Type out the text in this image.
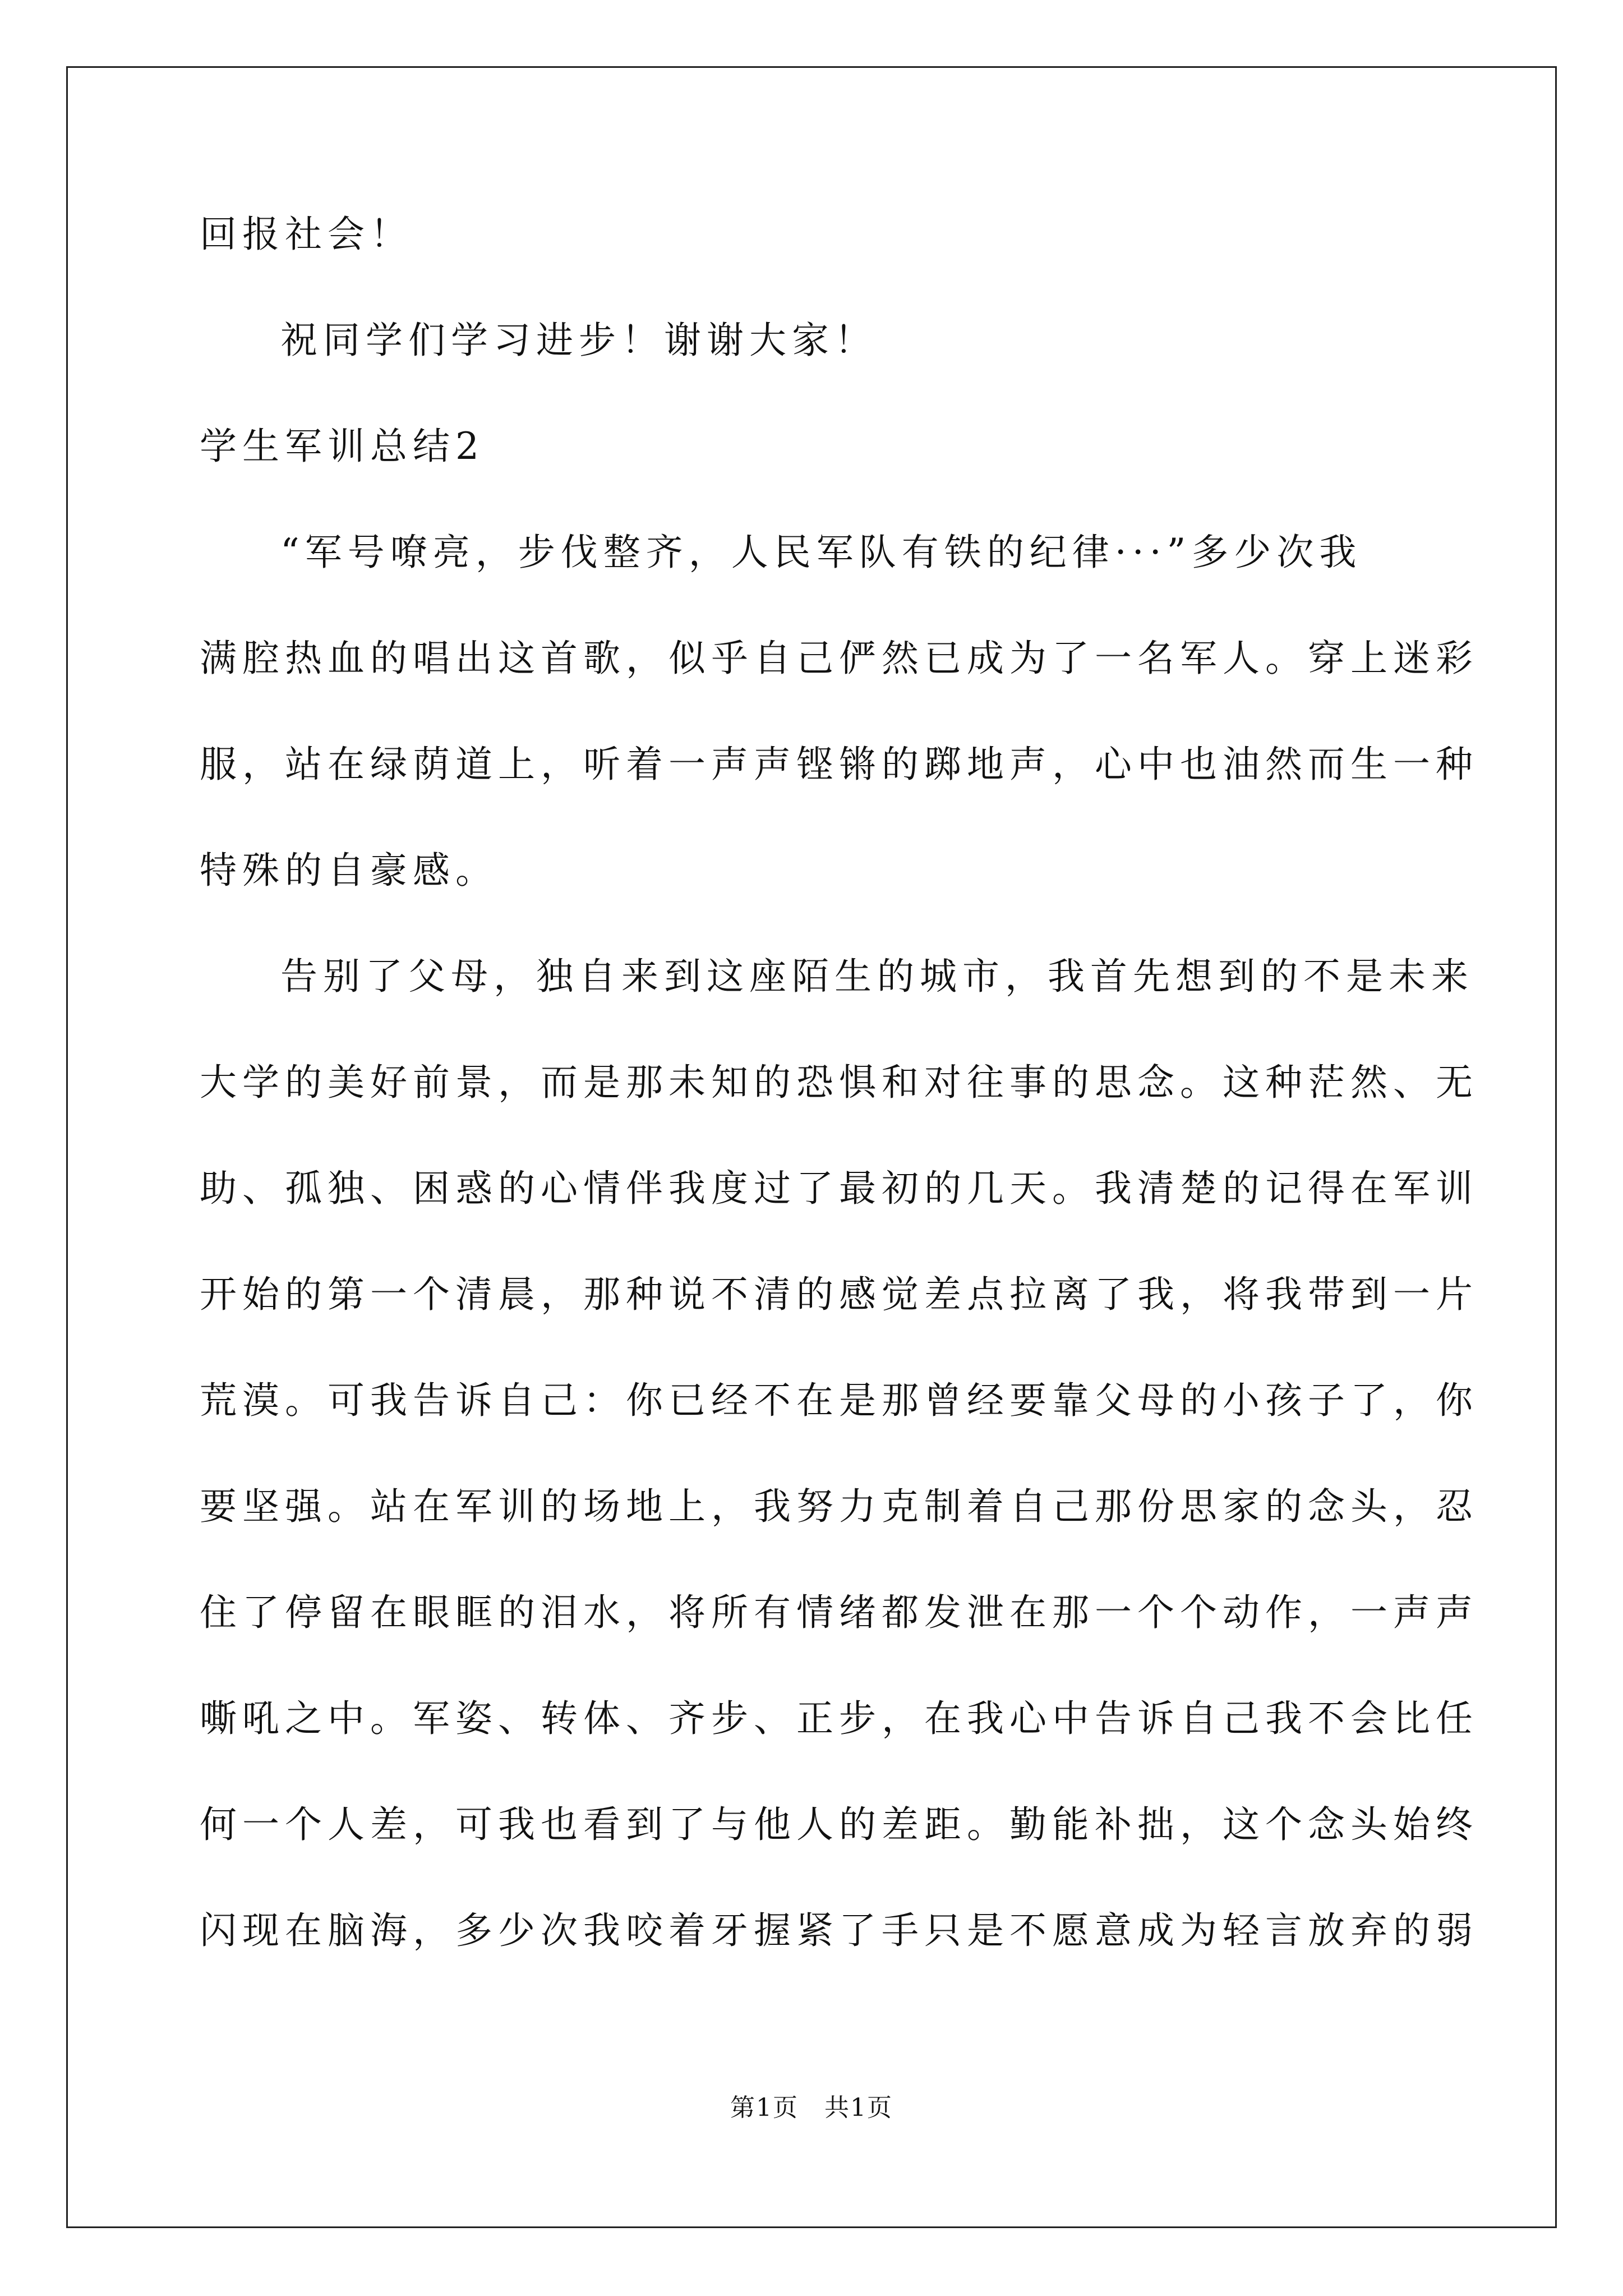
回报社会！
祝同学们学习进步！谢谢大家！
学生军训总结2
“军号嘹亮，步伐整齐，人民军队有铁的纪律···”多少次我
满腔热血的唱出这首歌，似乎自己俨然已成为了一名军人。穿上迷彩
服，站在绿荫道上，听着一声声铿锵的踯地声，心中也油然而生一种
特殊的自豪感。
告别了父母，独自来到这座陌生的城市，我首先想到的不是未来
大学的美好前景，而是那未知的恐惧和对往事的思念。这种茫然、无
助、孤独、困惑的心情伴我度过了最初的几天。我清楚的记得在军训
开始的第一个清晨，那种说不清的感觉差点拉离了我，将我带到一片
荒漠。可我告诉自己：你已经不在是那曾经要靠父母的小孩子了，你
要坚强。站在军训的场地上，我努力克制着自己那份思家的念头，忍
住了停留在眼眶的泪水，将所有情绪都发泄在那一个个动作，一声声
嘶吼之中。军姿、转体、齐步、正步，在我心中告诉自己我不会比任
何一个人差，可我也看到了与他人的差距。勤能补拙，这个念头始终
闪现在脑海，多少次我咬着牙握紧了手只是不愿意成为轻言放弃的弱
第1页　共1页
